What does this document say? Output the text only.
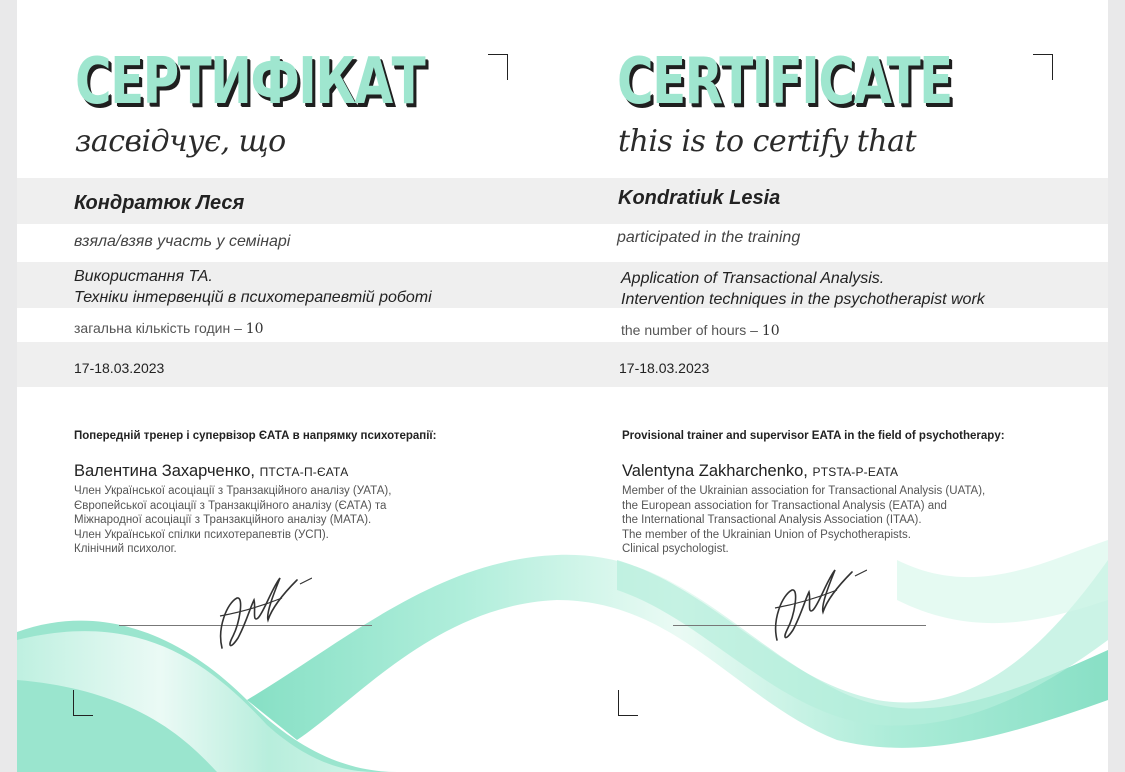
СЕРТИФІКАТ
засвідчує, що
Кондратюк Леся
взяла/взяв участь у семінарі
Використання ТА.
Техніки інтервенцій в психотерапевтій роботі
загальна кількість годин – 10
17-18.03.2023
Попередній тренер і супервізор ЄАТА в напрямку психотерапії:
Валентина Захарченко, ПТСТА-П-ЄАТА
Член Української асоціації з Транзакційного аналізу (УАТА),
Європейської асоціації з Транзакційного аналізу (ЄАТА) та
Міжнародної асоціації з Транзакційного аналізу (МАТА).
Член Української спілки психотерапевтів (УСП).
Клінічний психолог.
CERTIFICATE
this is to certify that
Kondratiuk Lesia
participated in the training
Application of Transactional Analysis.
Intervention techniques in the psychotherapist work
the number of hours – 10
17-18.03.2023
Provisional trainer and supervisor EATA in the field of psychotherapy:
Valentyna Zakharchenko, PTSTA-P-EATA
Member of the Ukrainian association for Transactional Analysis (UATA),
the European association for Transactional Analysis (EATA) and
the International Transactional Analysis Association (ITAA).
The member of the Ukrainian Union of Psychotherapists.
Clinical psychologist.
